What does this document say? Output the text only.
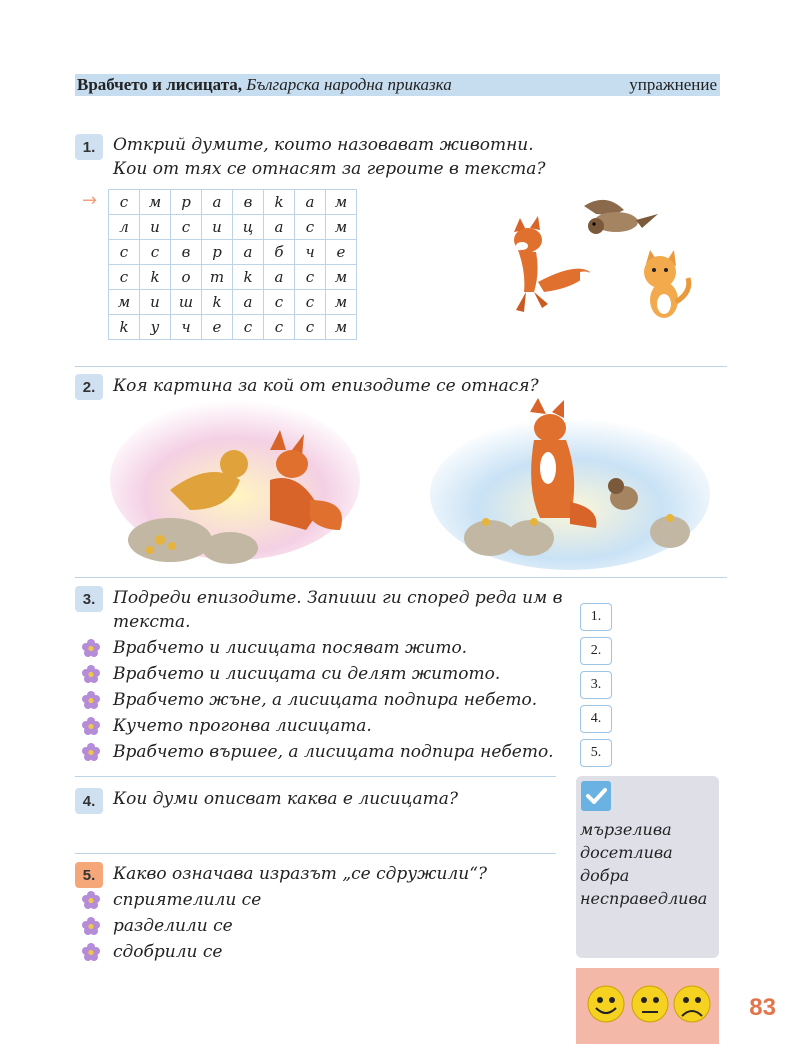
Врабчето и лисицата, Българска народна приказка	упражнение
1.	Открий думите, които назовават животни.
Кои от тях се отнасят за героите в текста?
→ с	м	р	а	в	k	а	м
л	и	с	и	ц	а	с	м
с	с	в	р	а	б	ч	е
с	k	о	т	k	а	с	м
м	и	ш	k	а	с	с	м
k	у	ч	е	с	с	с	м
2.	Коя картина за кой от епизодите се отнася?
3.	Подреди епизодите. Запиши ги според реда им в
текста.
Врабчето и лисицата посяват жито.
Врабчето и лисицата си делят житото.
Врабчето жъне, а лисицата подпира небето.
Кучето прогонва лисицата.
Врабчето вършее, а лисицата подпира небето.
1.
2.
3.
4.
5.
4.	Кои думи описват каква е лисицата?
мързелива
досетлива
добра
несправедлива
5.	Какво означава изразът „се сдружили“?
сприятелили се
разделили се
сдобрили се
83
